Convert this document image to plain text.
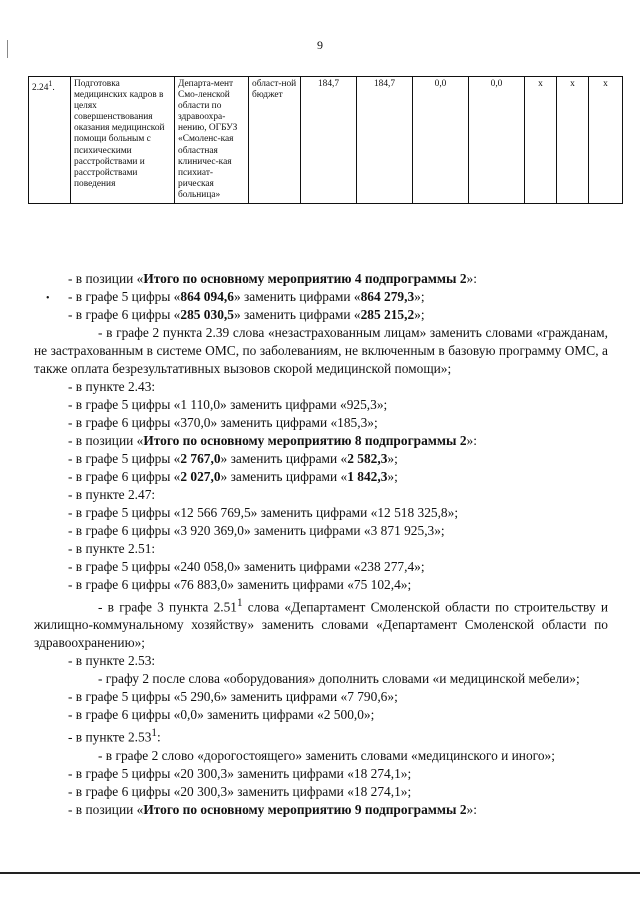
9
•
2.24$^1$.	Подготовка медицинских кадров в целях совершенствования оказания медицинской помощи больным с психическими расстройствами и расстройствами поведения	Департа-мент Смо-ленской области по здравоохра-нению, ОГБУЗ «Смоленс-кая областная клиничес-кая психиат-рическая больница»	област-ной бюджет	184,7	184,7	0,0	0,0	х	х	х

- в позиции «Итого по основному мероприятию 4 подпрограммы 2»:

- в графе 5 цифры «864 094,6» заменить цифрами «864 279,3»;

- в графе 6 цифры «285 030,5» заменить цифрами «285 215,2»;

- в графе 2 пункта 2.39 слова «незастрахованным лицам» заменить словами «гражданам, не застрахованным в системе ОМС, по заболеваниям, не включенным в базовую программу ОМС, а также оплата безрезультативных вызовов скорой медицинской помощи»;

- в пункте 2.43:

- в графе 5 цифры «1 110,0» заменить цифрами «925,3»;

- в графе 6 цифры «370,0» заменить цифрами «185,3»;

- в позиции «Итого по основному мероприятию 8 подпрограммы 2»:

- в графе 5 цифры «2 767,0» заменить цифрами «2 582,3»;

- в графе 6 цифры «2 027,0» заменить цифрами «1 842,3»;

- в пункте 2.47:

- в графе 5 цифры «12 566 769,5» заменить цифрами «12 518 325,8»;

- в графе 6 цифры «3 920 369,0» заменить цифрами «3 871 925,3»;

- в пункте 2.51:

- в графе 5 цифры «240 058,0» заменить цифрами «238 277,4»;

- в графе 6 цифры «76 883,0» заменить цифрами «75 102,4»;

- в графе 3 пункта 2.51$^1$ слова «Департамент Смоленской области по строительству и жилищно-коммунальному хозяйству» заменить словами «Департамент Смоленской области по здравоохранению»;

- в пункте 2.53:

- графу 2 после слова «оборудования» дополнить словами «и медицинской мебели»;

- в графе 5 цифры «5 290,6» заменить цифрами «7 790,6»;

- в графе 6 цифры «0,0» заменить цифрами «2 500,0»;

- в пункте 2.53$^1$:

- в графе 2 слово «дорогостоящего» заменить словами «медицинского и иного»;

- в графе 5 цифры «20 300,3» заменить цифрами «18 274,1»;

- в графе 6 цифры «20 300,3» заменить цифрами «18 274,1»;

- в позиции «Итого по основному мероприятию 9 подпрограммы 2»:
